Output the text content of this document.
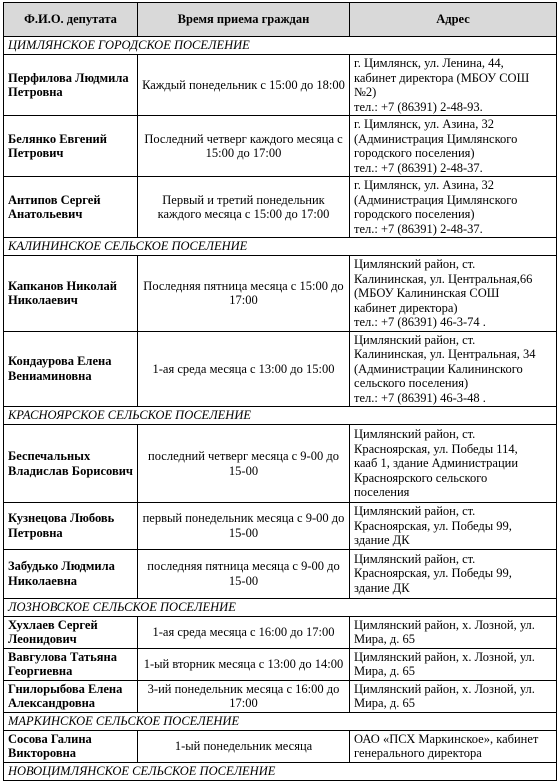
Ф.И.О. депутата	Время приема граждан	Адрес
ЦИМЛЯНСКОЕ ГОРОДСКОЕ ПОСЕЛЕНИЕ		
Перфилова Людмила Петровна	Каждый понедельник с 15:00 до 18:00	г. Цимлянск, ул. Ленина, 44,
кабинет директора (МБОУ СОШ
№2)
тел.: +7 (86391) 2-48-93.

Белянко Евгений Петрович	Последний четверг каждого месяца с 15:00 до 17:00	г. Цимлянск, ул. Азина, 32
(Администрация Цимлянского
городского поселения)
тел.: +7 (86391) 2-48-37.

Антипов Сергей Анатольевич	Первый и третий понедельник каждого месяца с 15:00 до 17:00	г. Цимлянск, ул. Азина, 32
(Администрация Цимлянского
городского поселения)
тел.: +7 (86391) 2-48-37.

КАЛИНИНСКОЕ СЕЛЬСКОЕ ПОСЕЛЕНИЕ		
Капканов Николай Николаевич	Последняя пятница месяца с 15:00 до 17:00	Цимлянский район, ст.
Калининская, ул. Центральная,66
(МБОУ Калининская СОШ
кабинет директора)
тел.: +7 (86391) 46-3-74 .

Кондаурова Елена Вениаминовна	1-ая среда месяца с 13:00 до 15:00	Цимлянский район, ст.
Калининская, ул. Центральная, 34
(Администрации Калининского
сельского поселения)
тел.: +7 (86391) 46-3-48 .

КРАСНОЯРСКОЕ СЕЛЬСКОЕ ПОСЕЛЕНИЕ		
Беспечальных Владислав Борисович	последний четверг месяца с 9-00 до 15-00	Цимлянский район, ст.
Красноярская, ул. Победы 114,
кааб 1, здание Администрации
Красноярского сельского
поселения

Кузнецова Любовь Петровна	первый понедельник месяца с 9-00 до 15-00	Цимлянский район, ст.
Красноярская, ул. Победы 99,
здание ДК

Забудько Людмила Николаевна	последняя пятница месяца с 9-00 до 15-00	Цимлянский район, ст.
Красноярская, ул. Победы 99,
здание ДК

ЛОЗНОВСКОЕ СЕЛЬСКОЕ ПОСЕЛЕНИЕ		
Хухлаев Сергей Леонидович	1-ая среда месяца с 16:00 до 17:00	Цимлянский район, х. Лозной, ул.
Мира, д. 65

Вавгулова Татьяна Георгиевна	1-ый вторник месяца с 13:00 до 14:00	Цимлянский район, х. Лозной, ул.
Мира, д. 65

Гнилорыбова Елена Александровна	3-ий понедельник месяца с 16:00 до 17:00	Цимлянский район, х. Лозной, ул.
Мира, д. 65

МАРКИНСКОЕ СЕЛЬСКОЕ ПОСЕЛЕНИЕ		
Сосова Галина Викторовна	1-ый понедельник месяца	ОАО «ПСХ Маркинское», кабинет
генерального директора

НОВОЦИМЛЯНСКОЕ СЕЛЬСКОЕ ПОСЕЛЕНИЕ		
